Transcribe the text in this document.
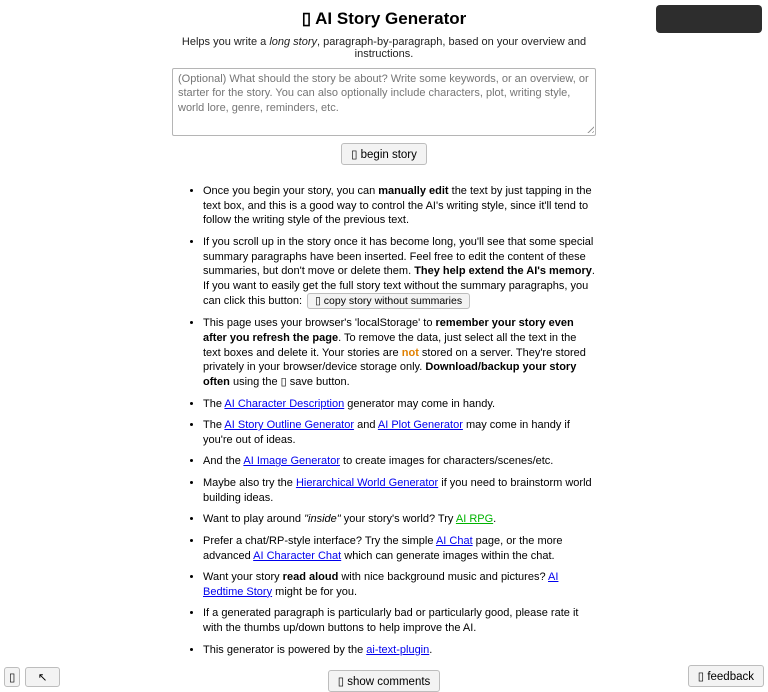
▯ AI Story Generator
Helps you write a long story, paragraph-by-paragraph, based on your overview and instructions.
(Optional) What should the story be about? Write some keywords, or an overview, or starter for the story. You can also optionally include characters, plot, writing style, world lore, genre, reminders, etc.
▯ begin story
• Once you begin your story, you can manually edit the text by just tapping in the text box, and this is a good way to control the AI's writing style, since it'll tend to follow the writing style of the previous text.
• If you scroll up in the story once it has become long, you'll see that some special summary paragraphs have been inserted. Feel free to edit the content of these summaries, but don't move or delete them. They help extend the AI's memory. If you want to easily get the full story text without the summary paragraphs, you can click this button: ▯ copy story without summaries
• This page uses your browser's 'localStorage' to remember your story even after you refresh the page. To remove the data, just select all the text in the text boxes and delete it. Your stories are not stored on a server. They're stored privately in your browser/device storage only. Download/backup your story often using the ▯ save button.
• The AI Character Description generator may come in handy.
• The AI Story Outline Generator and AI Plot Generator may come in handy if you're out of ideas.
• And the AI Image Generator to create images for characters/scenes/etc.
• Maybe also try the Hierarchical World Generator if you need to brainstorm world building ideas.
• Want to play around "inside" your story's world? Try AI RPG.
• Prefer a chat/RP-style interface? Try the simple AI Chat page, or the more advanced AI Character Chat which can generate images within the chat.
• Want your story read aloud with nice background music and pictures? AI Bedtime Story might be for you.
• If a generated paragraph is particularly bad or particularly good, please rate it with the thumbs up/down buttons to help improve the AI.
• This generator is powered by the ai-text-plugin.
▯ show comments
▯ ↖	▯ feedback
